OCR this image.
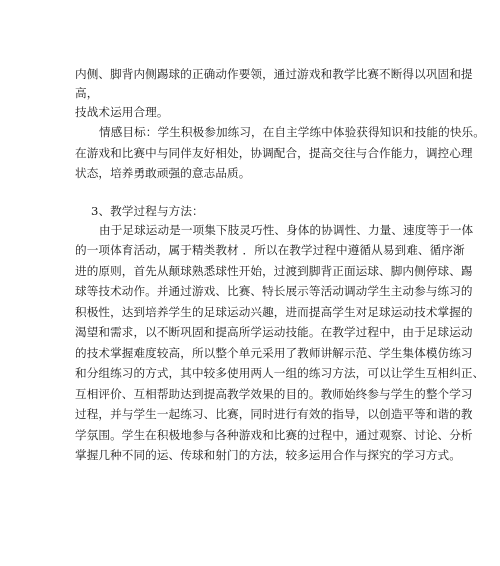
内侧、脚背内侧踢球的正确动作要领，通过游戏和教学比赛不断得以巩固和提
高，
技战术运用合理。
情感目标：学生积极参加练习，在自主学练中体验获得知识和技能的快乐。
在游戏和比赛中与同伴友好相处，协调配合，提高交往与合作能力，调控心理
状态，培养勇敢顽强的意志品质。
3、教学过程与方法：
由于足球运动是一项集下肢灵巧性、身体的协调性、力量、速度等于一体
的一项体育活动，属于精类教材 ．所以在教学过程中遵循从易到难、循序渐
进的原则，首先从颠球熟悉球性开始，过渡到脚背正面运球、脚内侧停球、踢
球等技术动作。并通过游戏、比赛、特长展示等活动调动学生主动参与练习的
积极性，达到培养学生的足球运动兴趣，进而提高学生对足球运动技术掌握的
渴望和需求，以不断巩固和提高所学运动技能。在教学过程中，由于足球运动
的技术掌握难度较高，所以整个单元采用了教师讲解示范、学生集体模仿练习
和分组练习的方式，其中较多使用两人一组的练习方法，可以让学生互相纠正、
互相评价、互相帮助达到提高教学效果的目的。教师始终参与学生的整个学习
过程，并与学生一起练习、比赛，同时进行有效的指导，以创造平等和谐的教
学氛围。学生在积极地参与各种游戏和比赛的过程中，通过观察、讨论、分析
掌握几种不同的运、传球和射门的方法，较多运用合作与探究的学习方式。
